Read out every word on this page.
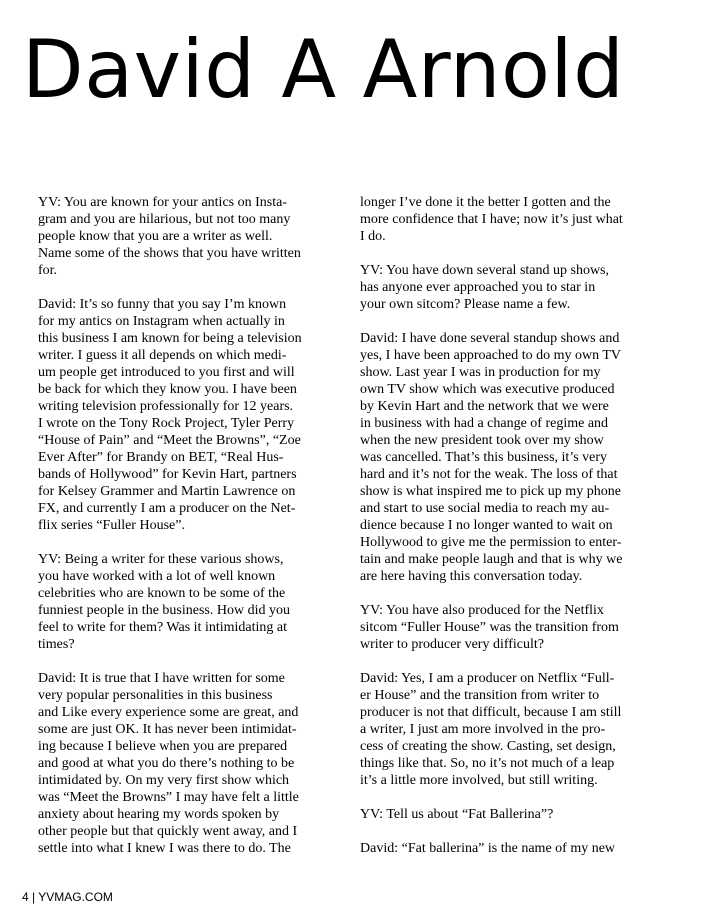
David A Arnold
YV: You are known for your antics on Insta-
gram and you are hilarious, but not too many
people know that you are a writer as well.
Name some of the shows that you have written
for.
David: It’s so funny that you say I’m known
for my antics on Instagram when actually in
this business I am known for being a television
writer. I guess it all depends on which medi-
um people get introduced to you first and will
be back for which they know you. I have been
writing television professionally for 12 years.
I wrote on the Tony Rock Project, Tyler Perry
“House of Pain” and “Meet the Browns”, “Zoe
Ever After” for Brandy on BET, “Real Hus-
bands of Hollywood” for Kevin Hart, partners
for Kelsey Grammer and Martin Lawrence on
FX, and currently I am a producer on the Net-
flix series “Fuller House”.
YV: Being a writer for these various shows,
you have worked with a lot of well known
celebrities who are known to be some of the
funniest people in the business. How did you
feel to write for them? Was it intimidating at
times?
David: It is true that I have written for some
very popular personalities in this business
and Like every experience some are great, and
some are just OK. It has never been intimidat-
ing because I believe when you are prepared
and good at what you do there’s nothing to be
intimidated by. On my very first show which
was “Meet the Browns” I may have felt a little
anxiety about hearing my words spoken by
other people but that quickly went away, and I
settle into what I knew I was there to do. The
longer I’ve done it the better I gotten and the
more confidence that I have; now it’s just what
I do.
YV: You have down several stand up shows,
has anyone ever approached you to star in
your own sitcom? Please name a few.
David: I have done several standup shows and
yes, I have been approached to do my own TV
show. Last year I was in production for my
own TV show which was executive produced
by Kevin Hart and the network that we were
in business with had a change of regime and
when the new president took over my show
was cancelled. That’s this business, it’s very
hard and it’s not for the weak. The loss of that
show is what inspired me to pick up my phone
and start to use social media to reach my au-
dience because I no longer wanted to wait on
Hollywood to give me the permission to enter-
tain and make people laugh and that is why we
are here having this conversation today.
YV: You have also produced for the Netflix
sitcom “Fuller House” was the transition from
writer to producer very difficult?
David: Yes, I am a producer on Netflix “Full-
er House” and the transition from writer to
producer is not that difficult, because I am still
a writer, I just am more involved in the pro-
cess of creating the show. Casting, set design,
things like that. So, no it’s not much of a leap
it’s a little more involved, but still writing.
YV: Tell us about “Fat Ballerina”?
David: “Fat ballerina” is the name of my new
4 | YVMAG.COM
